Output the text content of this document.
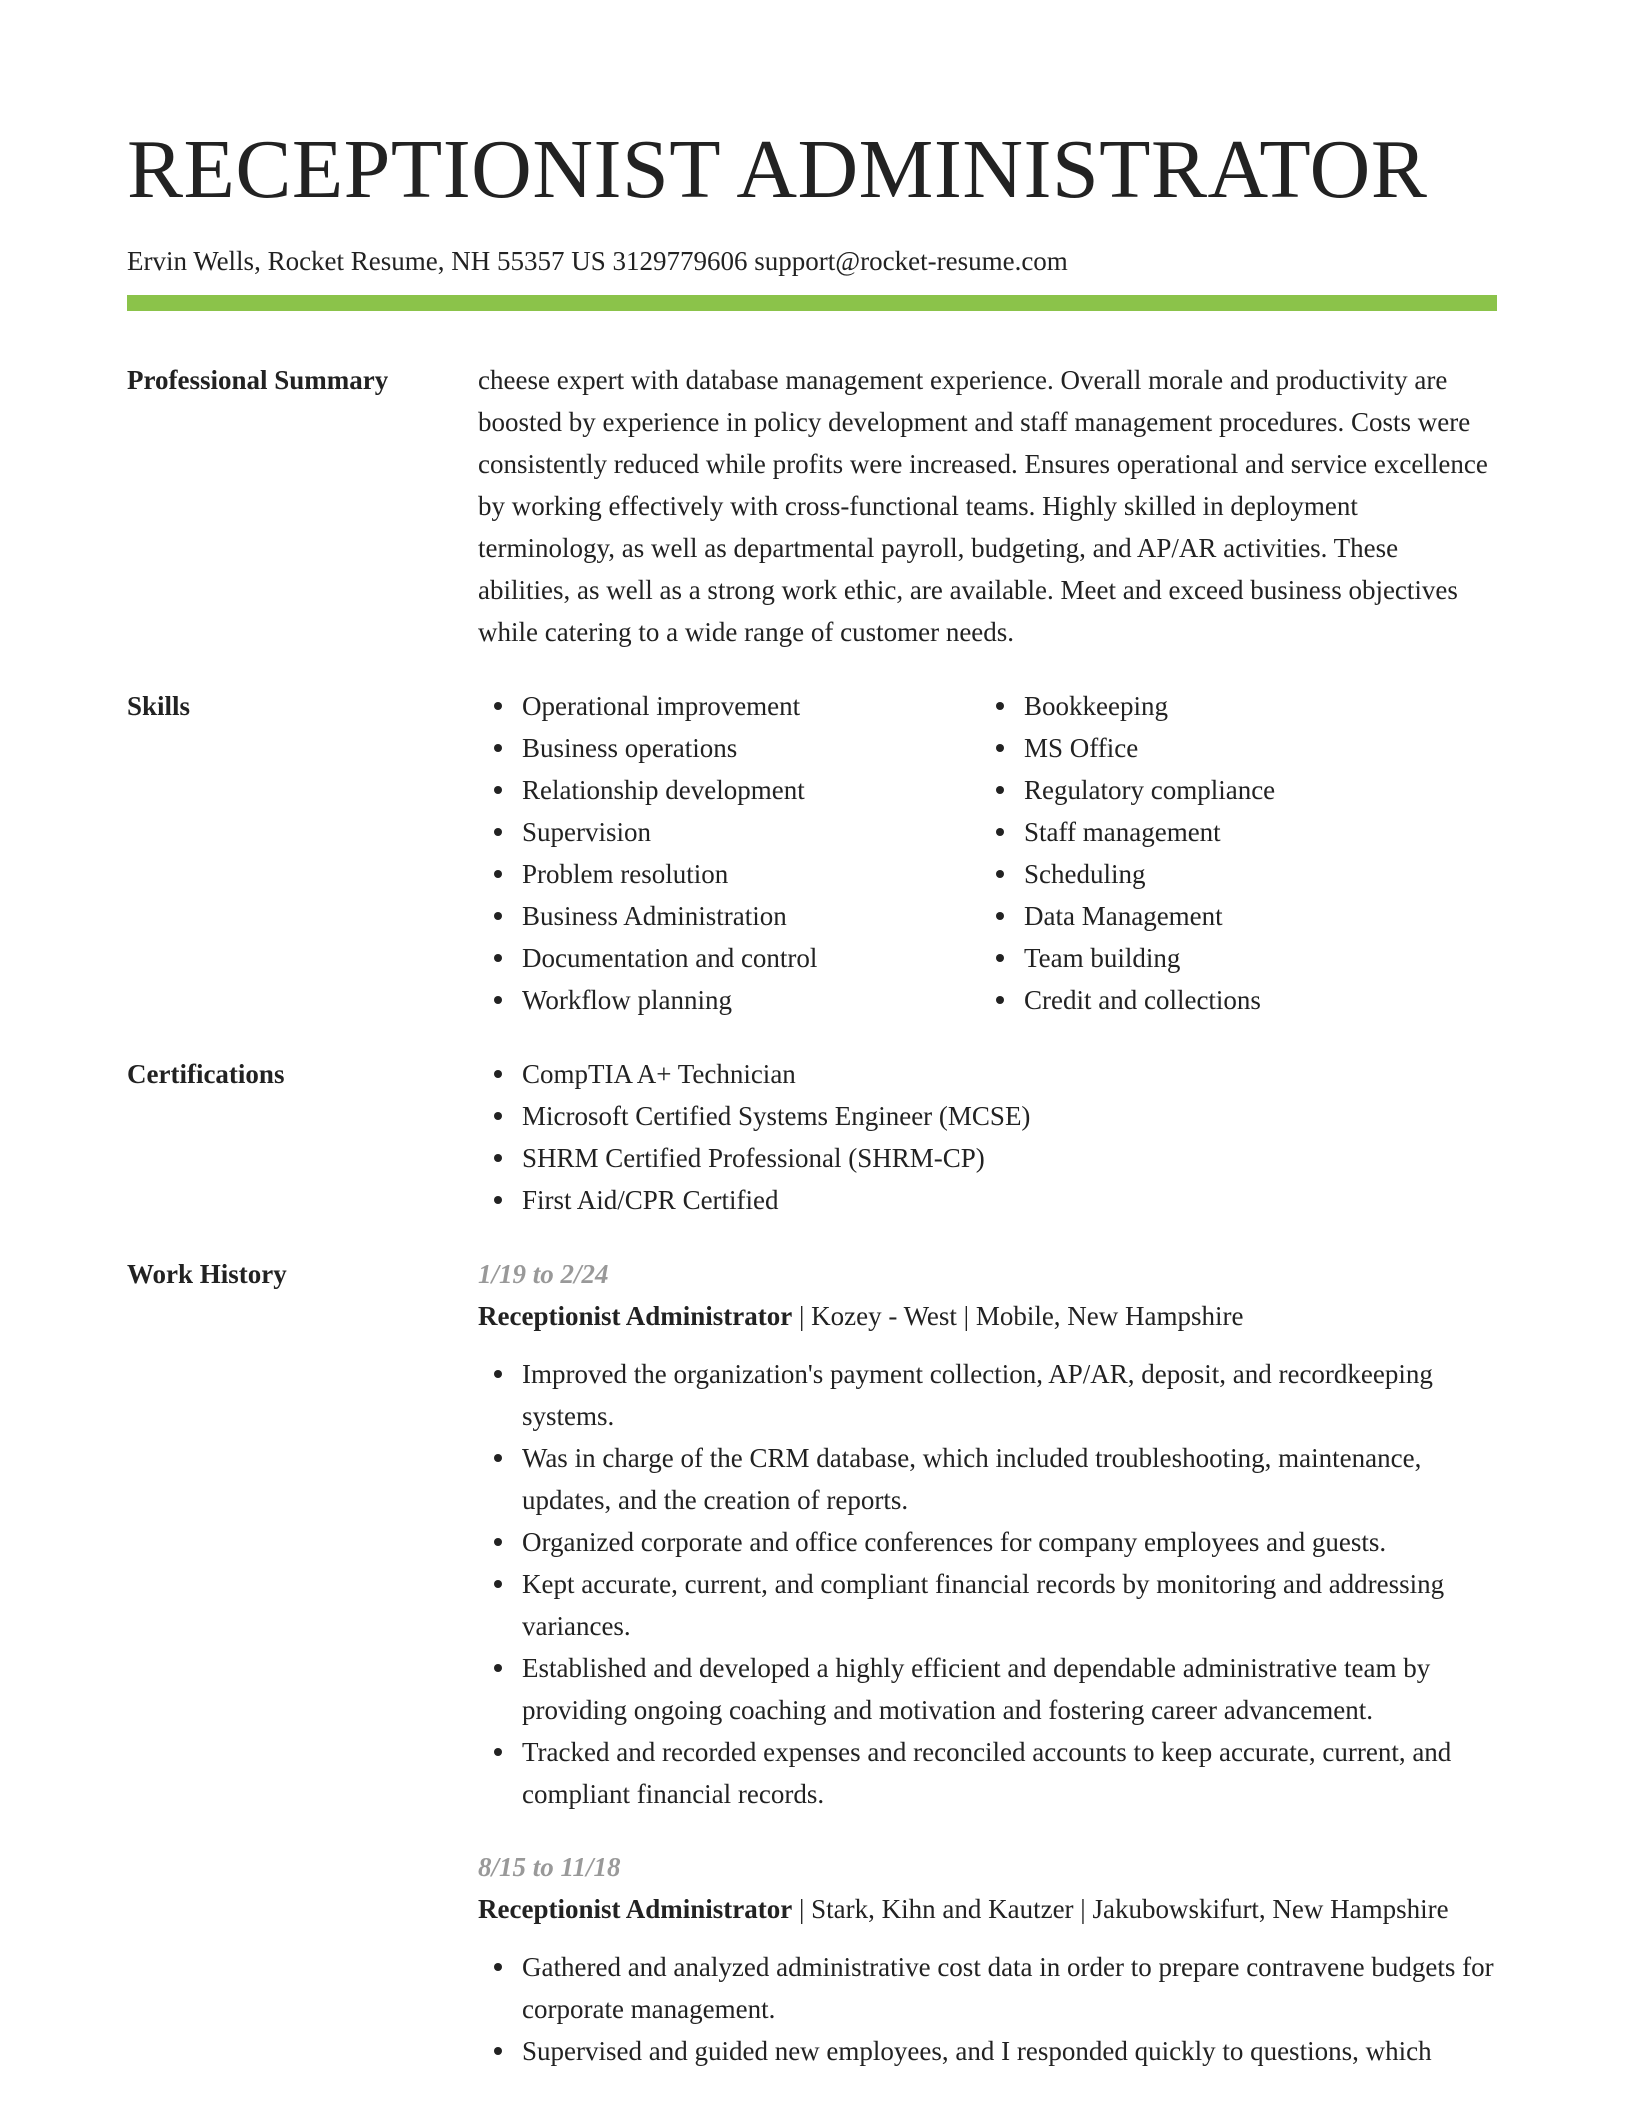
RECEPTIONIST ADMINISTRATOR
Ervin Wells, Rocket Resume, NH 55357 US 3129779606 support@rocket-resume.com
Professional Summary	cheese expert with database management experience. Overall morale and productivity are boosted by experience in policy development and staff management procedures. Costs were consistently reduced while profits were increased. Ensures operational and service excellence by working effectively with cross-functional teams. Highly skilled in deployment terminology, as well as departmental payroll, budgeting, and AP/AR activities. These abilities, as well as a strong work ethic, are available. Meet and exceed business objectives while catering to a wide range of customer needs.
Skills	Operational improvement
Business operations
Relationship development
Supervision
Problem resolution
Business Administration
Documentation and control
Workflow planning
Bookkeeping
MS Office
Regulatory compliance
Staff management
Scheduling
Data Management
Team building
Credit and collections
Certifications	CompTIA A+ Technician
Microsoft Certified Systems Engineer (MCSE)
SHRM Certified Professional (SHRM-CP)
First Aid/CPR Certified
Work History	1/19 to 2/24
Receptionist Administrator | Kozey - West | Mobile, New Hampshire
Improved the organization's payment collection, AP/AR, deposit, and recordkeeping systems.
Was in charge of the CRM database, which included troubleshooting, maintenance, updates, and the creation of reports.
Organized corporate and office conferences for company employees and guests.
Kept accurate, current, and compliant financial records by monitoring and addressing variances.
Established and developed a highly efficient and dependable administrative team by providing ongoing coaching and motivation and fostering career advancement.
Tracked and recorded expenses and reconciled accounts to keep accurate, current, and compliant financial records.
8/15 to 11/18
Receptionist Administrator | Stark, Kihn and Kautzer | Jakubowskifurt, New Hampshire
Gathered and analyzed administrative cost data in order to prepare contravene budgets for corporate management.
Supervised and guided new employees, and I responded quickly to questions, which
